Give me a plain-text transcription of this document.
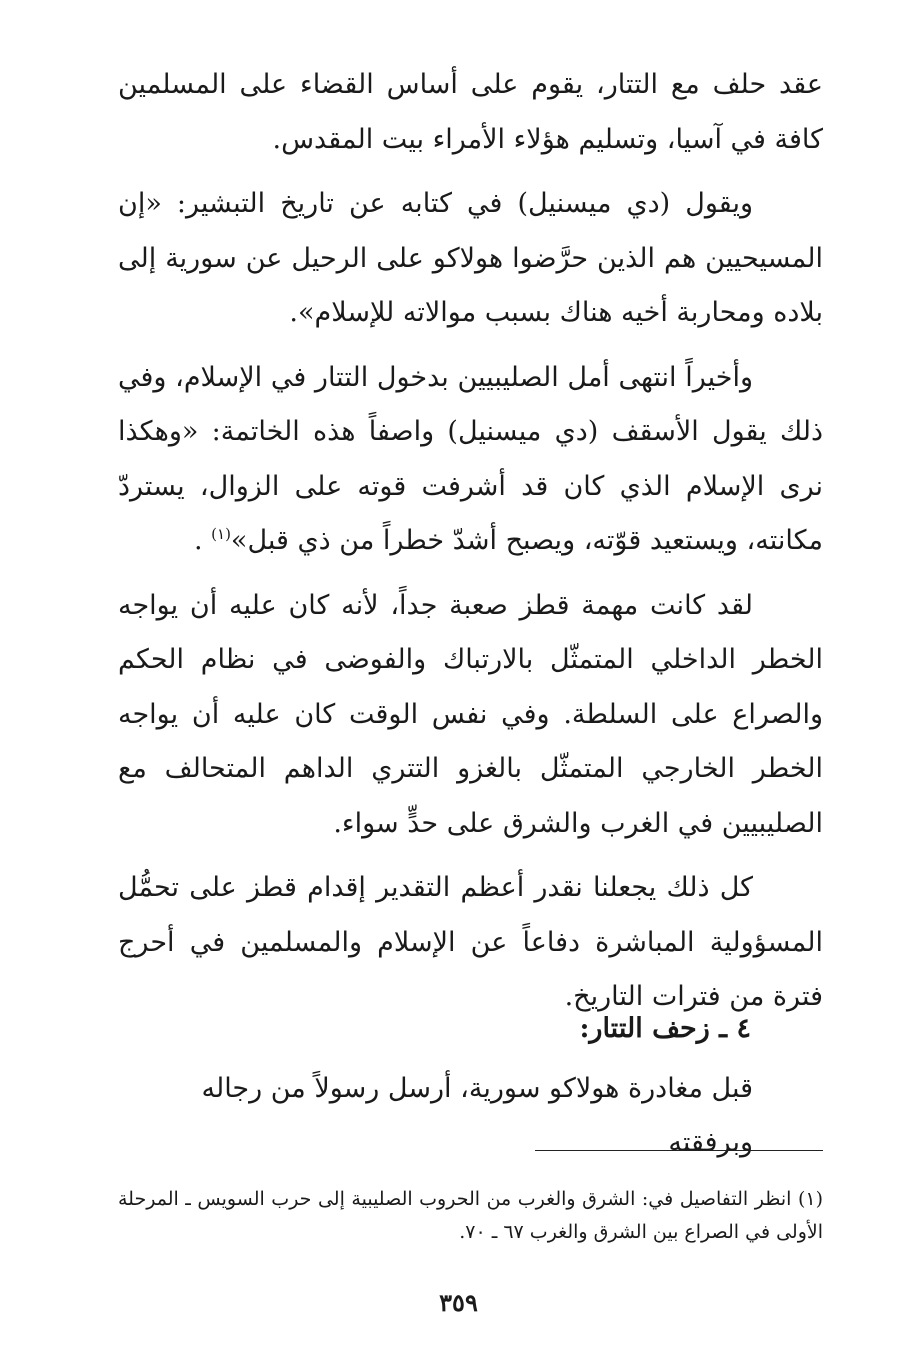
عقد حلف مع التتار، يقوم على أساس القضاء على المسلمين كافة في آسيا، وتسليم هؤلاء الأمراء بيت المقدس.

ويقول (دي ميسنيل) في كتابه عن تاريخ التبشير: «إن المسيحيين هم الذين حرَّضوا هولاكو على الرحيل عن سورية إلى بلاده ومحاربة أخيه هناك بسبب موالاته للإسلام».

وأخيراً انتهى أمل الصليبيين بدخول التتار في الإسلام، وفي ذلك يقول الأسقف (دي ميسنيل) واصفاً هذه الخاتمة: «وهكذا نرى الإسلام الذي كان قد أشرفت قوته على الزوال، يستردّ مكانته، ويستعيد قوّته، ويصبح أشدّ خطراً من ذي قبل»$^{(١)}$ .

لقد كانت مهمة قطز صعبة جداً، لأنه كان عليه أن يواجه الخطر الداخلي المتمثّل بالارتباك والفوضى في نظام الحكم والصراع على السلطة. وفي نفس الوقت كان عليه أن يواجه الخطر الخارجي المتمثّل بالغزو التتري الداهم المتحالف مع الصليبيين في الغرب والشرق على حدٍّ سواء.

كل ذلك يجعلنا نقدر أعظم التقدير إقدام قطز على تحمُّل المسؤولية المباشرة دفاعاً عن الإسلام والمسلمين في أحرج فترة من فترات التاريخ.

٤ ـ زحف التتار:

قبل مغادرة هولاكو سورية، أرسل رسولاً من رجاله وبرفقته

(١) انظر التفاصيل في: الشرق والغرب من الحروب الصليبية إلى حرب السويس ـ المرحلة الأولى في الصراع بين الشرق والغرب ٦٧ ـ ٧٠.

٣٥٩
